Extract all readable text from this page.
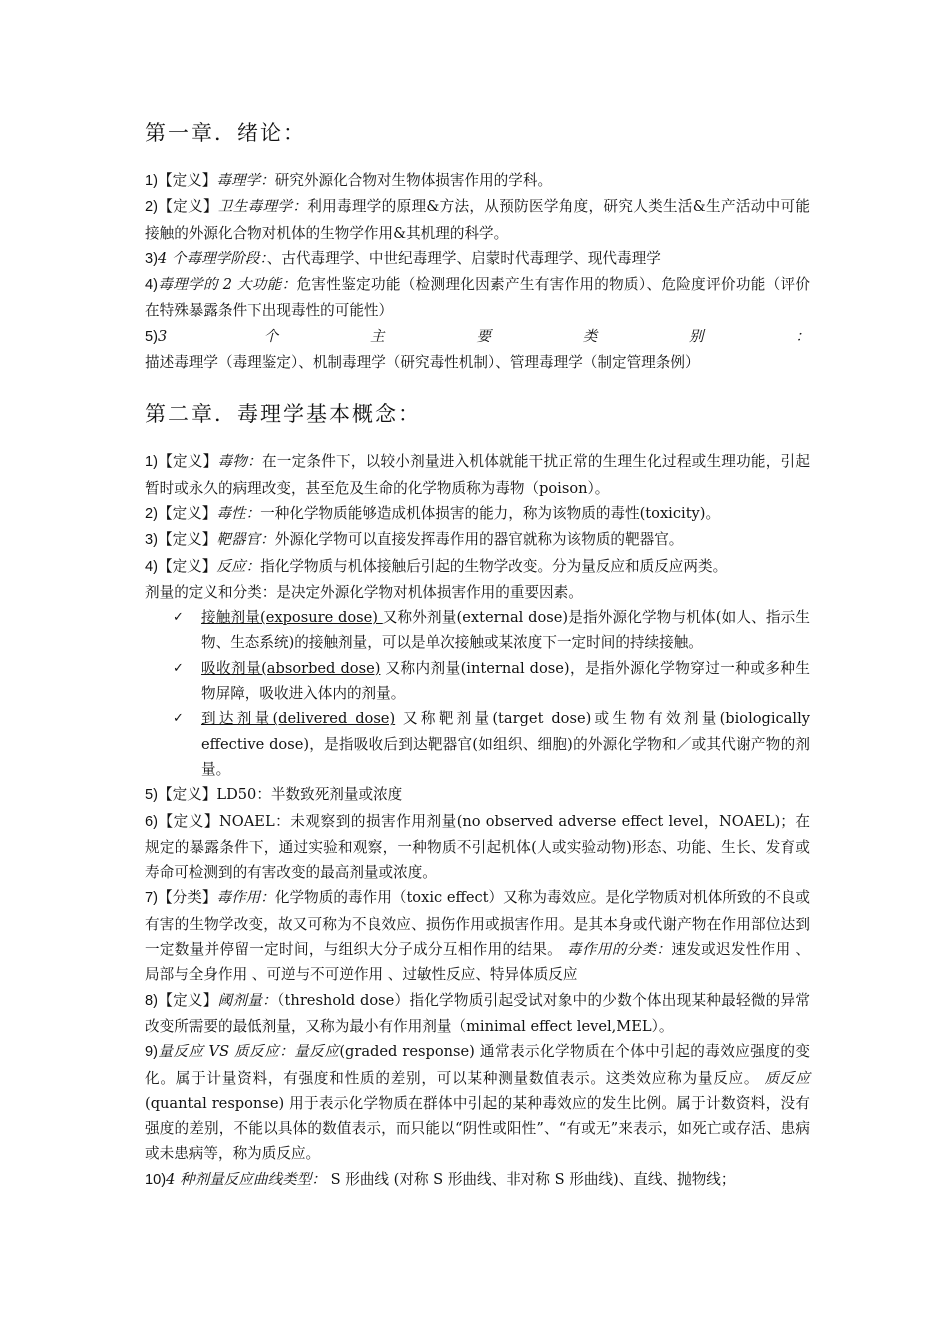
第一章．绪论：

1)【定义】毒理学：研究外源化合物对生物体损害作用的学科。

2)【定义】卫生毒理学：利用毒理学的原理&方法，从预防医学角度，研究人类生活&生产活动中可能接触的外源化合物对机体的生物学作用&其机理的科学。

3)4 个毒理学阶段：、古代毒理学、中世纪毒理学、启蒙时代毒理学、现代毒理学

4)毒理学的 2 大功能：危害性鉴定功能（检测理化因素产生有害作用的物质）、危险度评价功能（评价在特殊暴露条件下出现毒性的可能性）

5)3 个主要类别：描述毒理学（毒理鉴定）、机制毒理学（研究毒性机制）、管理毒理学（制定管理条例）

第二章．毒理学基本概念：

1)【定义】毒物：在一定条件下，以较小剂量进入机体就能干扰正常的生理生化过程或生理功能，引起暂时或永久的病理改变，甚至危及生命的化学物质称为毒物（poison）。

2)【定义】毒性：一种化学物质能够造成机体损害的能力，称为该物质的毒性(toxicity)。

3)【定义】靶器官：外源化学物可以直接发挥毒作用的器官就称为该物质的靶器官。

4)【定义】反应：指化学物质与机体接触后引起的生物学改变。分为量反应和质反应两类。

剂量的定义和分类：是决定外源化学物对机体损害作用的重要因素。

✓ 接触剂量(exposure dose) 又称外剂量(external dose)是指外源化学物与机体(如人、指示生物、生态系统)的接触剂量，可以是单次接触或某浓度下一定时间的持续接触。
✓ 吸收剂量(absorbed dose) 又称内剂量(internal dose)，是指外源化学物穿过一种或多种生物屏障，吸收进入体内的剂量。
✓ 到达剂量(delivered dose) 又称靶剂量(target dose)或生物有效剂量(biologically effective dose)，是指吸收后到达靶器官(如组织、细胞)的外源化学物和／或其代谢产物的剂量。

5)【定义】LD50：半数致死剂量或浓度

6)【定义】NOAEL：未观察到的损害作用剂量(no observed adverse effect level，NOAEL)；在规定的暴露条件下，通过实验和观察，一种物质不引起机体(人或实验动物)形态、功能、生长、发育或寿命可检测到的有害改变的最高剂量或浓度。

7)【分类】毒作用：化学物质的毒作用（toxic effect）又称为毒效应。是化学物质对机体所致的不良或有害的生物学改变，故又可称为不良效应、损伤作用或损害作用。是其本身或代谢产物在作用部位达到一定数量并停留一定时间，与组织大分子成分互相作用的结果。 毒作用的分类：速发或迟发性作用 、局部与全身作用 、可逆与不可逆作用 、过敏性反应、特异体质反应

8)【定义】阈剂量：（threshold dose）指化学物质引起受试对象中的少数个体出现某种最轻微的异常改变所需要的最低剂量，又称为最小有作用剂量（minimal effect level,MEL）。

9)量反应 VS 质反应：量反应(graded response) 通常表示化学物质在个体中引起的毒效应强度的变化。属于计量资料，有强度和性质的差别，可以某种测量数值表示。这类效应称为量反应。 质反应 (quantal response) 用于表示化学物质在群体中引起的某种毒效应的发生比例。属于计数资料，没有强度的差别，不能以具体的数值表示，而只能以“阴性或阳性”、“有或无”来表示，如死亡或存活、患病或未患病等，称为质反应。

10)4 种剂量反应曲线类型： S 形曲线 (对称 S 形曲线、非对称 S 形曲线)、直线、抛物线；
